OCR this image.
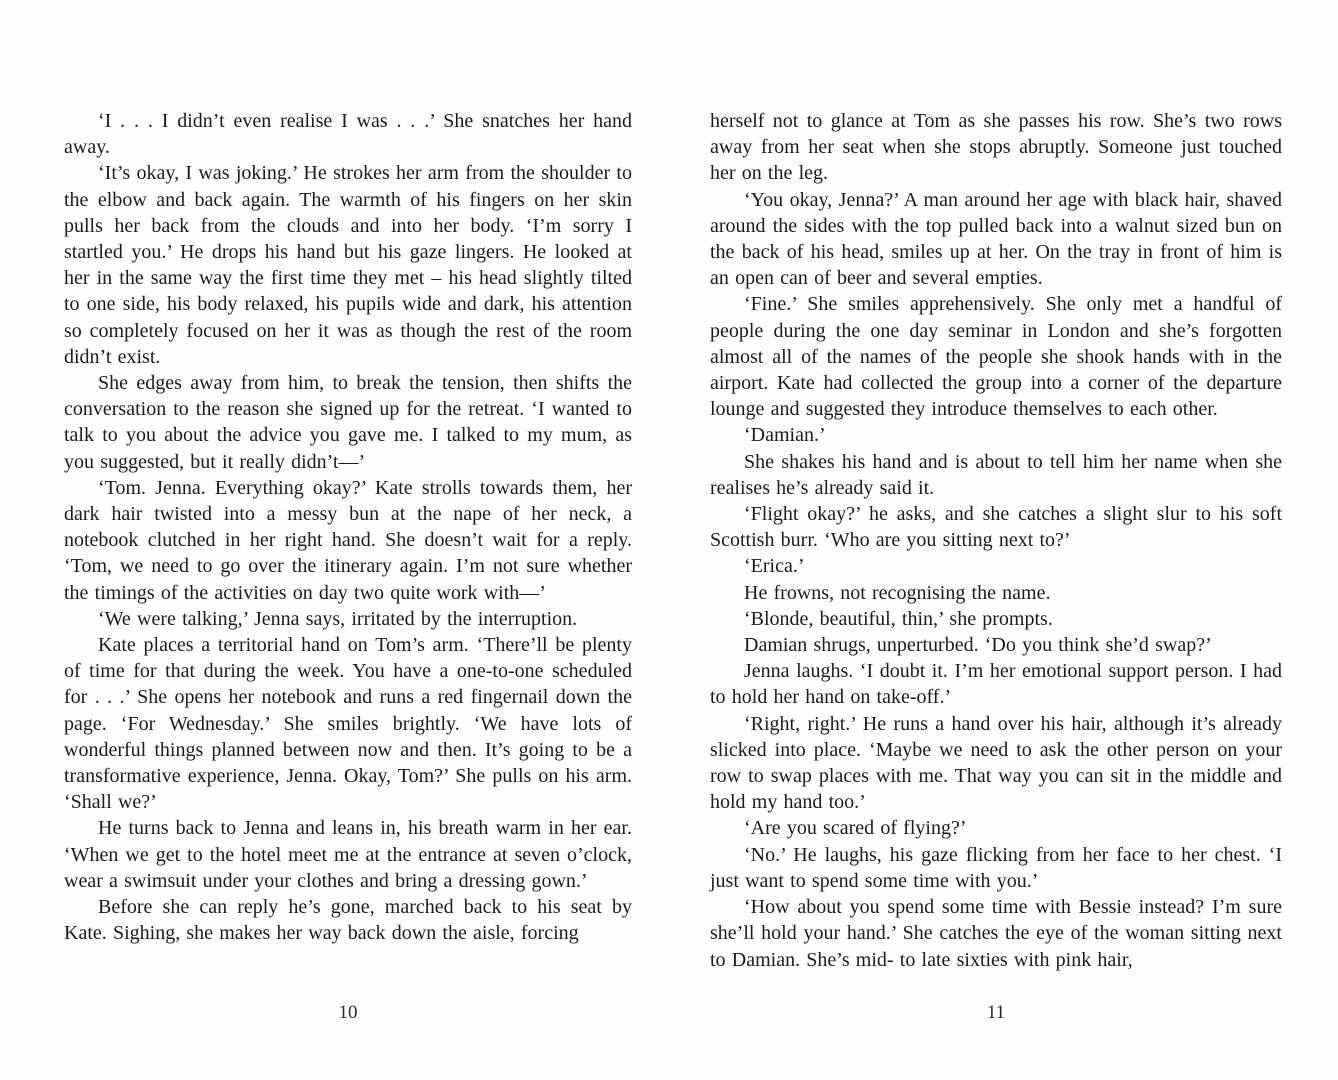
‘I . . . I didn’t even realise I was . . .’ She snatches her hand away.

‘It’s okay, I was joking.’ He strokes her arm from the shoulder to the elbow and back again. The warmth of his fingers on her skin pulls her back from the clouds and into her body. ‘I’m sorry I startled you.’ He drops his hand but his gaze lingers. He looked at her in the same way the first time they met – his head slightly tilted to one side, his body relaxed, his pupils wide and dark, his attention so completely focused on her it was as though the rest of the room didn’t exist.

She edges away from him, to break the tension, then shifts the conversation to the reason she signed up for the retreat. ‘I wanted to talk to you about the advice you gave me. I talked to my mum, as you suggested, but it really didn’t—’

‘Tom. Jenna. Everything okay?’ Kate strolls towards them, her dark hair twisted into a messy bun at the nape of her neck, a notebook clutched in her right hand. She doesn’t wait for a reply. ‘Tom, we need to go over the itinerary again. I’m not sure whether the timings of the activities on day two quite work with—’

‘We were talking,’ Jenna says, irritated by the interruption.

Kate places a territorial hand on Tom’s arm. ‘There’ll be plenty of time for that during the week. You have a one-to-one scheduled for . . .’ She opens her notebook and runs a red fingernail down the page. ‘For Wednesday.’ She smiles brightly. ‘We have lots of wonderful things planned between now and then. It’s going to be a transformative experience, Jenna. Okay, Tom?’ She pulls on his arm. ‘Shall we?’

He turns back to Jenna and leans in, his breath warm in her ear. ‘When we get to the hotel meet me at the entrance at seven o’clock, wear a swimsuit under your clothes and bring a dressing gown.’

Before she can reply he’s gone, marched back to his seat by Kate. Sighing, she makes her way back down the aisle, forcing

herself not to glance at Tom as she passes his row. She’s two rows away from her seat when she stops abruptly. Someone just touched her on the leg.

‘You okay, Jenna?’ A man around her age with black hair, shaved around the sides with the top pulled back into a walnut sized bun on the back of his head, smiles up at her. On the tray in front of him is an open can of beer and several empties.

‘Fine.’ She smiles apprehensively. She only met a handful of people during the one day seminar in London and she’s forgotten almost all of the names of the people she shook hands with in the airport. Kate had collected the group into a corner of the departure lounge and suggested they introduce themselves to each other.

‘Damian.’

She shakes his hand and is about to tell him her name when she realises he’s already said it.

‘Flight okay?’ he asks, and she catches a slight slur to his soft Scottish burr. ‘Who are you sitting next to?’

‘Erica.’

He frowns, not recognising the name.

‘Blonde, beautiful, thin,’ she prompts.

Damian shrugs, unperturbed. ‘Do you think she’d swap?’

Jenna laughs. ‘I doubt it. I’m her emotional support person. I had to hold her hand on take-off.’

‘Right, right.’ He runs a hand over his hair, although it’s already slicked into place. ‘Maybe we need to ask the other person on your row to swap places with me. That way you can sit in the middle and hold my hand too.’

‘Are you scared of flying?’

‘No.’ He laughs, his gaze flicking from her face to her chest. ‘I just want to spend some time with you.’

‘How about you spend some time with Bessie instead? I’m sure she’ll hold your hand.’ She catches the eye of the woman sitting next to Damian. She’s mid- to late sixties with pink hair,

10	11
